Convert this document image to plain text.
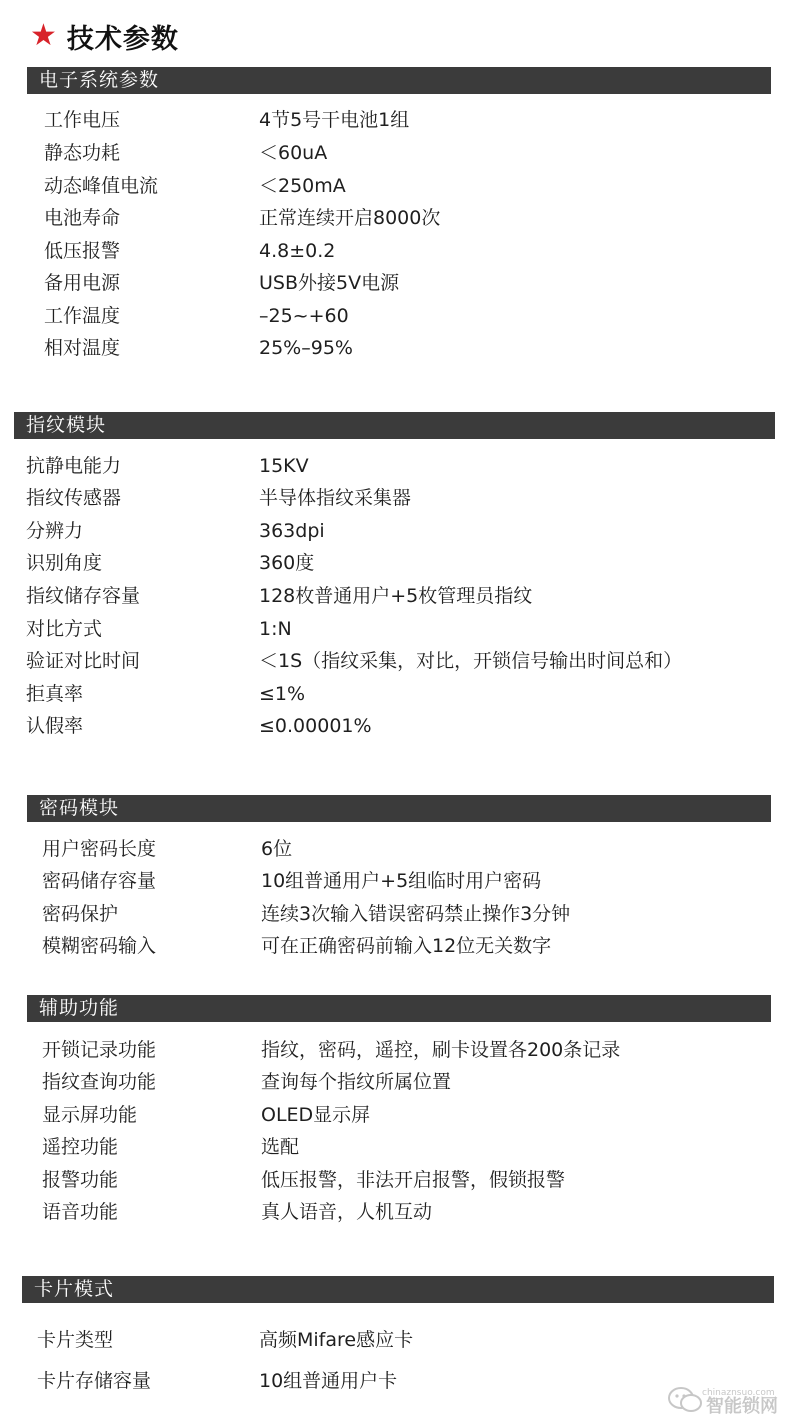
★ 技术参数
电子系统参数
工作电压	4节5号干电池1组
静态功耗	＜60uA
动态峰值电流	＜250mA
电池寿命	正常连续开启8000次
低压报警	4.8±0.2
备用电源	USB外接5V电源
工作温度	–25~+60
相对温度	25%–95%
指纹模块
抗静电能力	15KV
指纹传感器	半导体指纹采集器
分辨力	363dpi
识别角度	360度
指纹储存容量	128枚普通用户+5枚管理员指纹
对比方式	1:N
验证对比时间	＜1S（指纹采集，对比，开锁信号输出时间总和）
拒真率	≤1%
认假率	≤0.00001%
密码模块
用户密码长度	6位
密码储存容量	10组普通用户+5组临时用户密码
密码保护	连续3次输入错误密码禁止操作3分钟
模糊密码输入	可在正确密码前输入12位无关数字
辅助功能
开锁记录功能	指纹，密码，遥控，刷卡设置各200条记录
指纹查询功能	查询每个指纹所属位置
显示屏功能	OLED显示屏
遥控功能	选配
报警功能	低压报警，非法开启报警，假锁报警
语音功能	真人语音，人机互动
卡片模式
卡片类型	高频Mifare感应卡
卡片存储容量	10组普通用户卡
chinaznsuo.com
智能锁网
